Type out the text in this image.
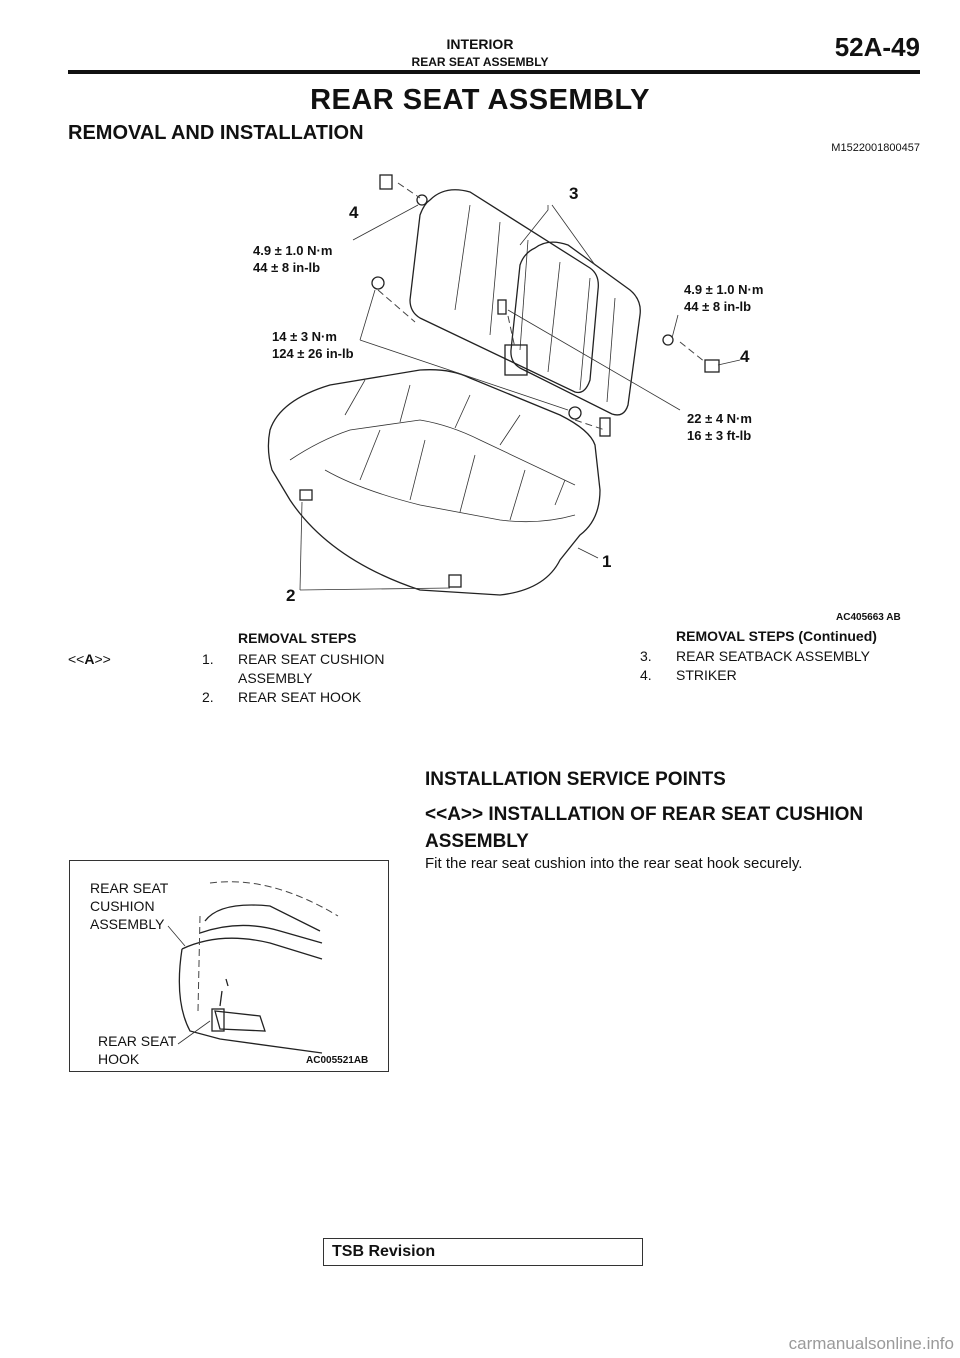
INTERIOR
REAR SEAT ASSEMBLY	52A-49
REAR SEAT ASSEMBLY
REMOVAL AND INSTALLATION
M1522001800457
4
3
4
1
2
4.9 ± 1.0 N·m
44 ± 8 in-lb
4.9 ± 1.0 N·m
44 ± 8 in-lb
14 ± 3 N·m
124 ± 26 in-lb
22 ± 4 N·m
16 ± 3 ft-lb
AC405663 AB
REMOVAL STEPS
<<A>>	1. REAR SEAT CUSHION
ASSEMBLY
2. REAR SEAT HOOK
REMOVAL STEPS (Continued)
3. REAR SEATBACK ASSEMBLY
4. STRIKER
INSTALLATION SERVICE POINTS
<<A>> INSTALLATION OF REAR SEAT CUSHION
ASSEMBLY
Fit the rear seat cushion into the rear seat hook securely.
REAR SEAT
CUSHION
ASSEMBLY
REAR SEAT
HOOK	AC005521AB
TSB Revision
carmanualsonline.info
